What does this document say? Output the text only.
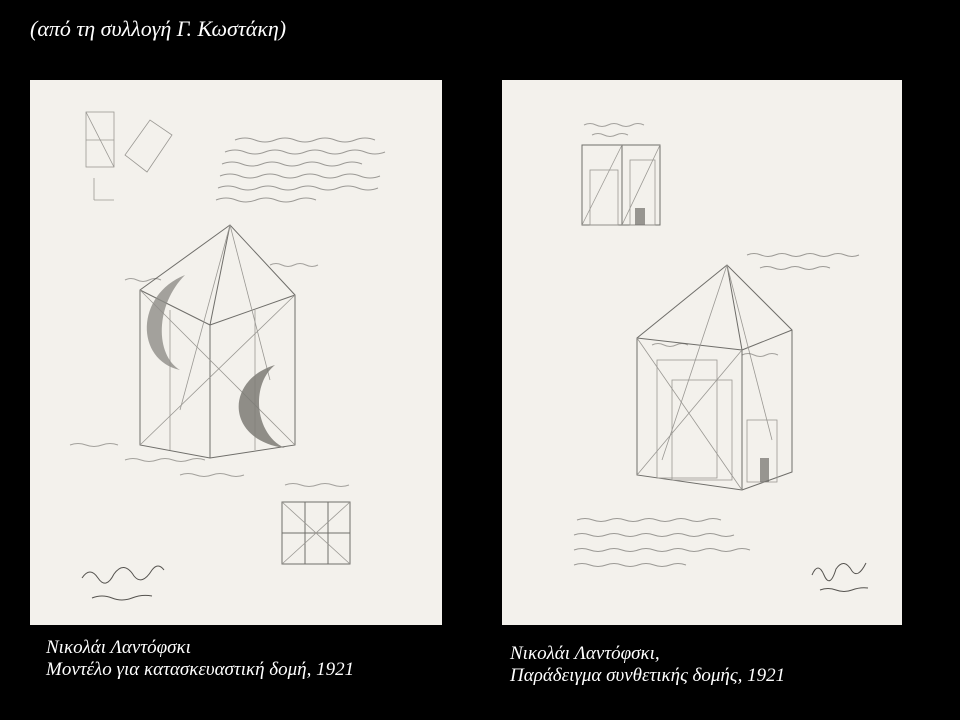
(από τη συλλογή Γ. Κωστάκη)
Νικολάι Λαντόφσκι
Μοντέλο για κατασκευαστική δομή, 1921
Νικολάι Λαντόφσκι,
Παράδειγμα συνθετικής δομής, 1921
